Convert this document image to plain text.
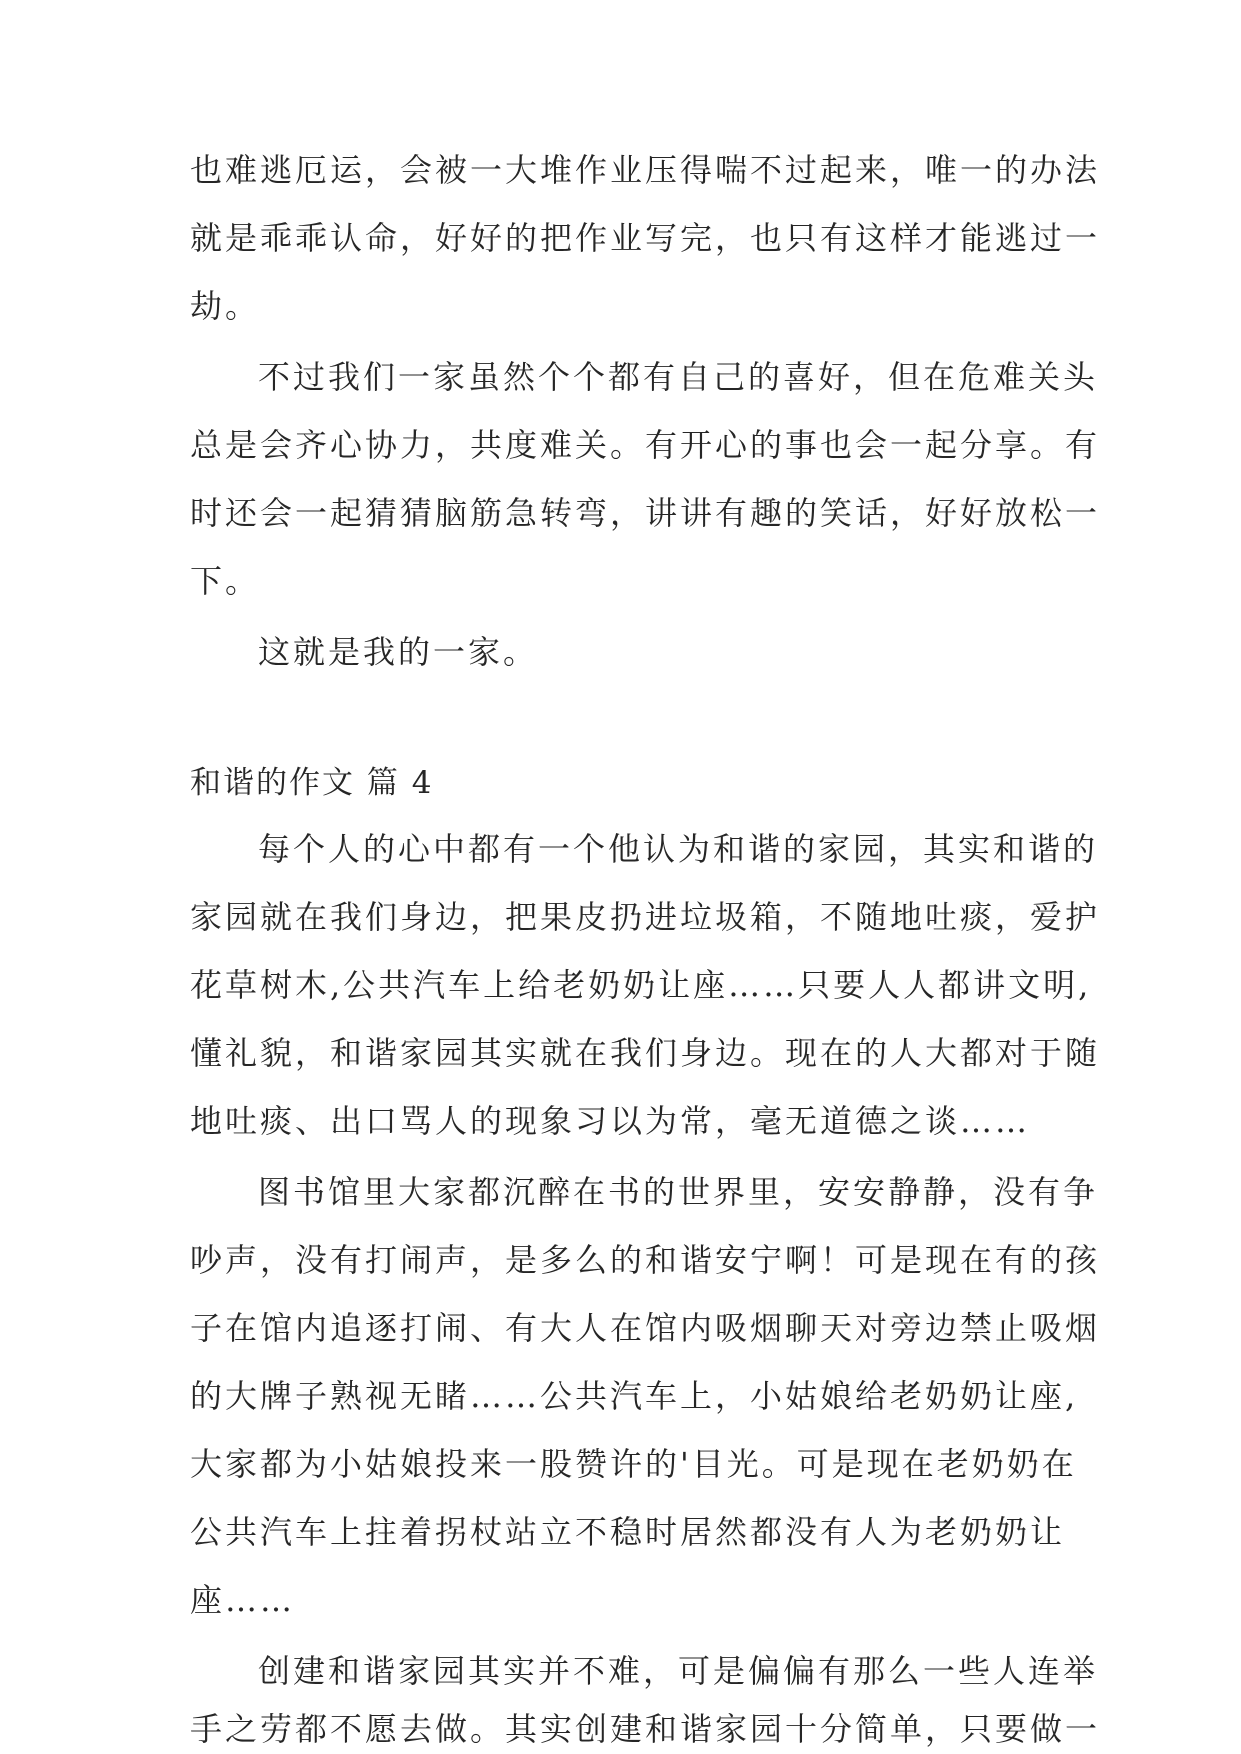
也难逃厄运，会被一大堆作业压得喘不过起来，唯一的办法
就是乖乖认命，好好的把作业写完，也只有这样才能逃过一
劫。
不过我们一家虽然个个都有自己的喜好，但在危难关头
总是会齐心协力，共度难关。有开心的事也会一起分享。有
时还会一起猜猜脑筋急转弯，讲讲有趣的笑话，好好放松一
下。
这就是我的一家。
和谐的作文 篇 4
每个人的心中都有一个他认为和谐的家园，其实和谐的
家园就在我们身边，把果皮扔进垃圾箱，不随地吐痰，爱护
花草树木,公共汽车上给老奶奶让座……只要人人都讲文明,
懂礼貌，和谐家园其实就在我们身边。现在的人大都对于随
地吐痰、出口骂人的现象习以为常，毫无道德之谈……
图书馆里大家都沉醉在书的世界里，安安静静，没有争
吵声，没有打闹声，是多么的和谐安宁啊！可是现在有的孩
子在馆内追逐打闹、有大人在馆内吸烟聊天对旁边禁止吸烟
的大牌子熟视无睹……公共汽车上，小姑娘给老奶奶让座,
大家都为小姑娘投来一股赞许的'目光。可是现在老奶奶在
公共汽车上拄着拐杖站立不稳时居然都没有人为老奶奶让
座……
创建和谐家园其实并不难，可是偏偏有那么一些人连举
手之劳都不愿去做。其实创建和谐家园十分简单，只要做一
